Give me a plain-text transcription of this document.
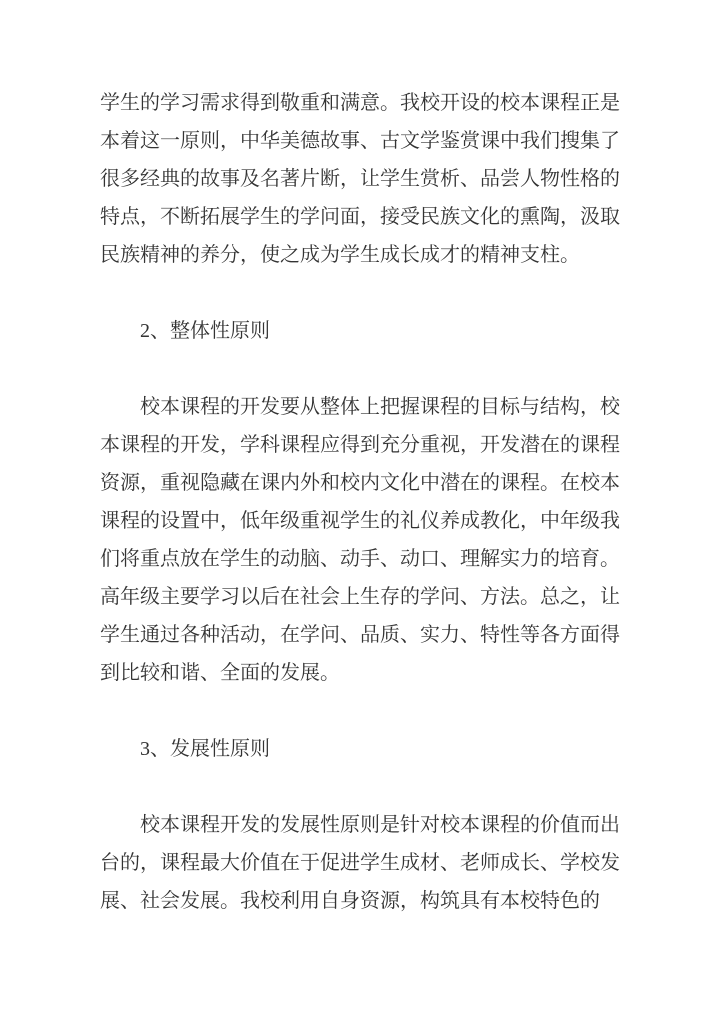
学生的学习需求得到敬重和满意。我校开设的校本课程正是本着这一原则，中华美德故事、古文学鉴赏课中我们搜集了很多经典的故事及名著片断，让学生赏析、品尝人物性格的特点，不断拓展学生的学问面，接受民族文化的熏陶，汲取民族精神的养分，使之成为学生成长成才的精神支柱。

2、整体性原则

校本课程的开发要从整体上把握课程的目标与结构，校本课程的开发，学科课程应得到充分重视，开发潜在的课程资源，重视隐藏在课内外和校内文化中潜在的课程。在校本课程的设置中，低年级重视学生的礼仪养成教化，中年级我们将重点放在学生的动脑、动手、动口、理解实力的培育。高年级主要学习以后在社会上生存的学问、方法。总之，让学生通过各种活动，在学问、品质、实力、特性等各方面得到比较和谐、全面的发展。

3、发展性原则

校本课程开发的发展性原则是针对校本课程的价值而出台的，课程最大价值在于促进学生成材、老师成长、学校发展、社会发展。我校利用自身资源，构筑具有本校特色的
